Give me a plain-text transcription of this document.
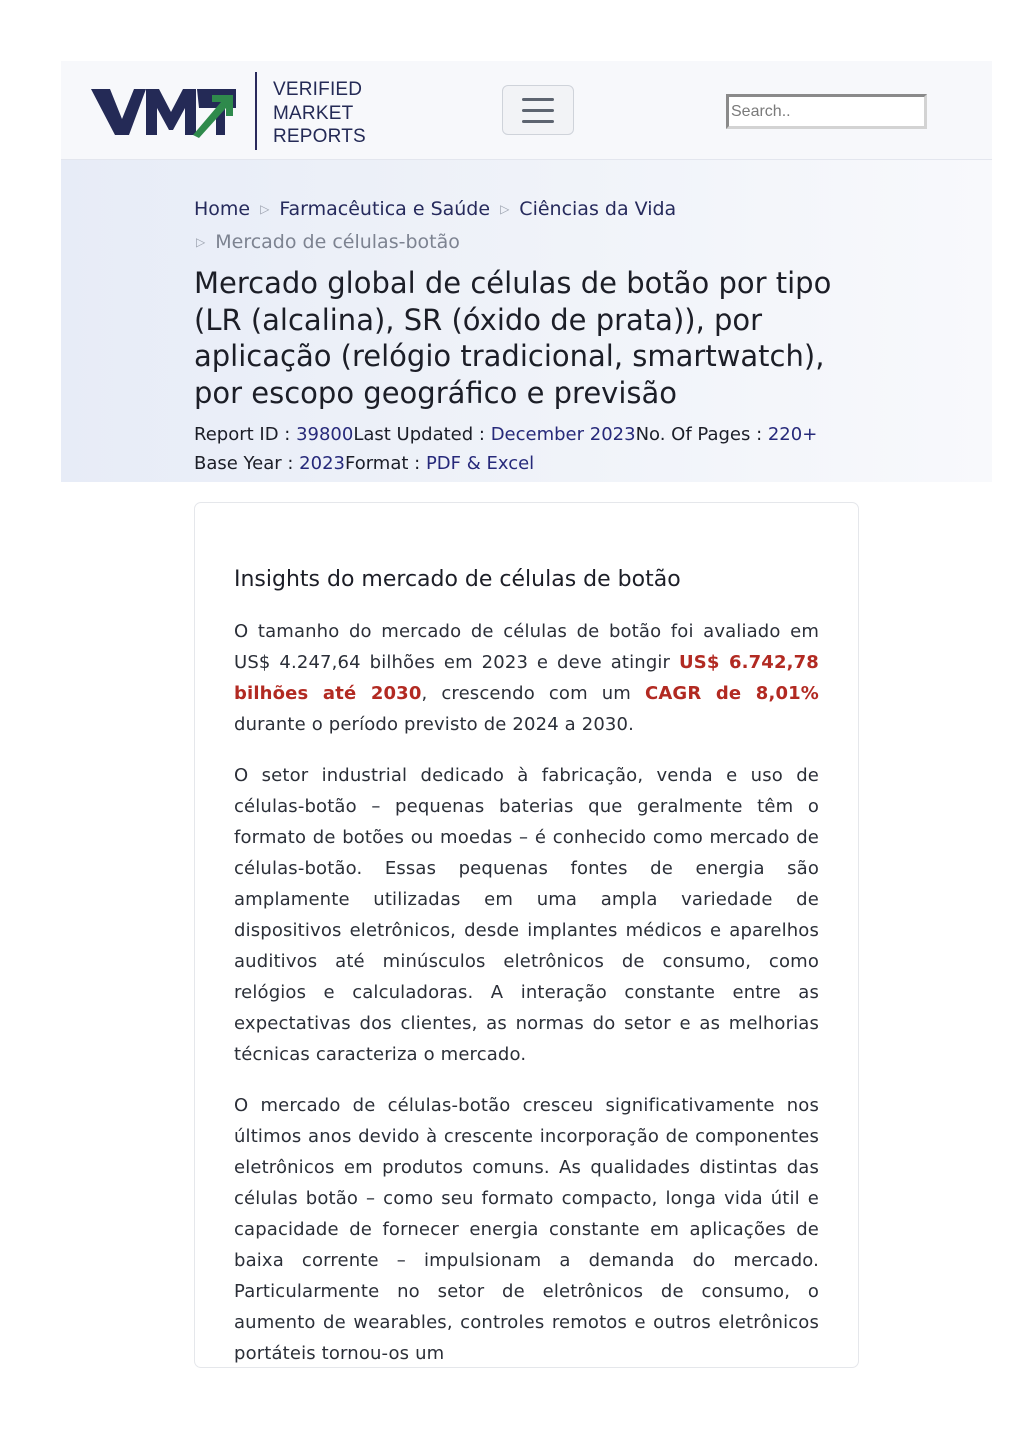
VERIFIED
MARKET
REPORTS
Search..
Home ▷ Farmacêutica e Saúde ▷ Ciências da Vida
▷ Mercado de células-botão
Mercado global de células de botão por tipo (LR (alcalina), SR (óxido de prata)), por aplicação (relógio tradicional, smartwatch), por escopo geográfico e previsão
Report ID : 39800Last Updated : December 2023No. Of Pages : 220+
Base Year : 2023Format : PDF & Excel
Insights do mercado de células de botão

O tamanho do mercado de células de botão foi avaliado em US$ 4.247,64 bilhões em 2023 e deve atingir US$ 6.742,78 bilhões até 2030, crescendo com um CAGR de 8,01% durante o período previsto de 2024 a 2030.

O setor industrial dedicado à fabricação, venda e uso de células-botão – pequenas baterias que geralmente têm o formato de botões ou moedas – é conhecido como mercado de células-botão. Essas pequenas fontes de energia são amplamente utilizadas em uma ampla variedade de dispositivos eletrônicos, desde implantes médicos e aparelhos auditivos até minúsculos eletrônicos de consumo, como relógios e calculadoras. A interação constante entre as expectativas dos clientes, as normas do setor e as melhorias técnicas caracteriza o mercado.

O mercado de células-botão cresceu significativamente nos últimos anos devido à crescente incorporação de componentes eletrônicos em produtos comuns. As qualidades distintas das células botão – como seu formato compacto, longa vida útil e capacidade de fornecer energia constante em aplicações de baixa corrente – impulsionam a demanda do mercado. Particularmente no setor de eletrônicos de consumo, o aumento de wearables, controles remotos e outros eletrônicos portáteis tornou-os um
